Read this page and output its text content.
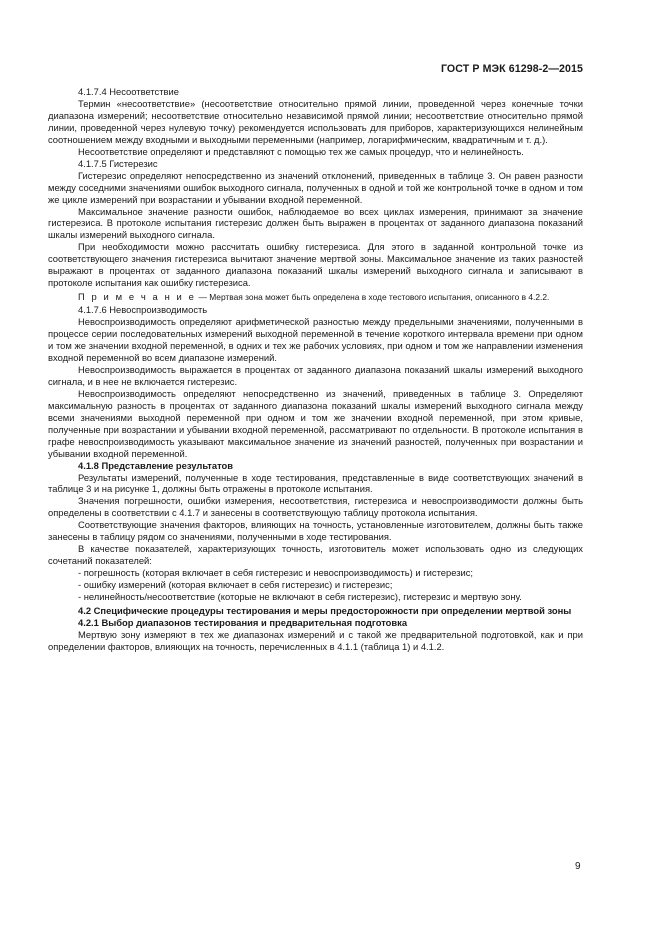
ГОСТ Р МЭК 61298-2—2015

4.1.7.4 Несоответствие

Термин «несоответствие» (несоответствие относительно прямой линии, проведенной через конечные точки диапазона измерений; несоответствие относительно независимой прямой линии; несоответствие относительно прямой линии, проведенной через нулевую точку) рекомендуется использовать для приборов, характеризующихся нелинейным соотношением между входными и выходными переменными (например, логарифмическим, квадратичным и т. д.).

Несоответствие определяют и представляют с помощью тех же самых процедур, что и нелинейность.

4.1.7.5 Гистерезис

Гистерезис определяют непосредственно из значений отклонений, приведенных в таблице 3. Он равен разности между соседними значениями ошибок выходного сигнала, полученных в одной и той же контрольной точке в одном и том же цикле измерений при возрастании и убывании входной переменной.

Максимальное значение разности ошибок, наблюдаемое во всех циклах измерения, принимают за значение гистерезиса. В протоколе испытания гистерезис должен быть выражен в процентах от заданного диапазона показаний шкалы измерений выходного сигнала.

При необходимости можно рассчитать ошибку гистерезиса. Для этого в заданной контрольной точке из соответствующего значения гистерезиса вычитают значение мертвой зоны. Максимальное значение из таких разностей выражают в процентах от заданного диапазона показаний шкалы измерений выходного сигнала и записывают в протоколе испытания как ошибку гистерезиса.

П р и м е ч а н и е — Мертвая зона может быть определена в ходе тестового испытания, описанного в 4.2.2.

4.1.7.6 Невоспроизводимость

Невоспроизводимость определяют арифметической разностью между предельными значениями, полученными в процессе серии последовательных измерений выходной переменной в течение короткого интервала времени при одном и том же значении входной переменной, в одних и тех же рабочих условиях, при одном и том же направлении изменения входной переменной во всем диапазоне измерений.

Невоспроизводимость выражается в процентах от заданного диапазона показаний шкалы измерений выходного сигнала, и в нее не включается гистерезис.

Невоспроизводимость определяют непосредственно из значений, приведенных в таблице 3. Определяют максимальную разность в процентах от заданного диапазона показаний шкалы измерений выходного сигнала между всеми значениями выходной переменной при одном и том же значении входной переменной, при этом кривые, полученные при возрастании и убывании входной переменной, рассматривают по отдельности. В протоколе испытания в графе невоспроизводимость указывают максимальное значение из значений разностей, полученных при возрастании и убывании входной переменной.

4.1.8 Представление результатов

Результаты измерений, полученные в ходе тестирования, представленные в виде соответствующих значений в таблице 3 и на рисунке 1, должны быть отражены в протоколе испытания.

Значения погрешности, ошибки измерения, несоответствия, гистерезиса и невоспроизводимости должны быть определены в соответствии с 4.1.7 и занесены в соответствующую таблицу протокола испытания.

Соответствующие значения факторов, влияющих на точность, установленные изготовителем, должны быть также занесены в таблицу рядом со значениями, полученными в ходе тестирования.

В качестве показателей, характеризующих точность, изготовитель может использовать одно из следующих сочетаний показателей:

- погрешность (которая включает в себя гистерезис и невоспроизводимость) и гистерезис;

- ошибку измерений (которая включает в себя гистерезис) и гистерезис;

- нелинейность/несоответствие (которые не включают в себя гистерезис), гистерезис и мертвую зону.

4.2 Специфические процедуры тестирования и меры предосторожности при определении мертвой зоны

4.2.1 Выбор диапазонов тестирования и предварительная подготовка

Мертвую зону измеряют в тех же диапазонах измерений и с такой же предварительной подготовкой, как и при определении факторов, влияющих на точность, перечисленных в 4.1.1 (таблица 1) и 4.1.2.

9
